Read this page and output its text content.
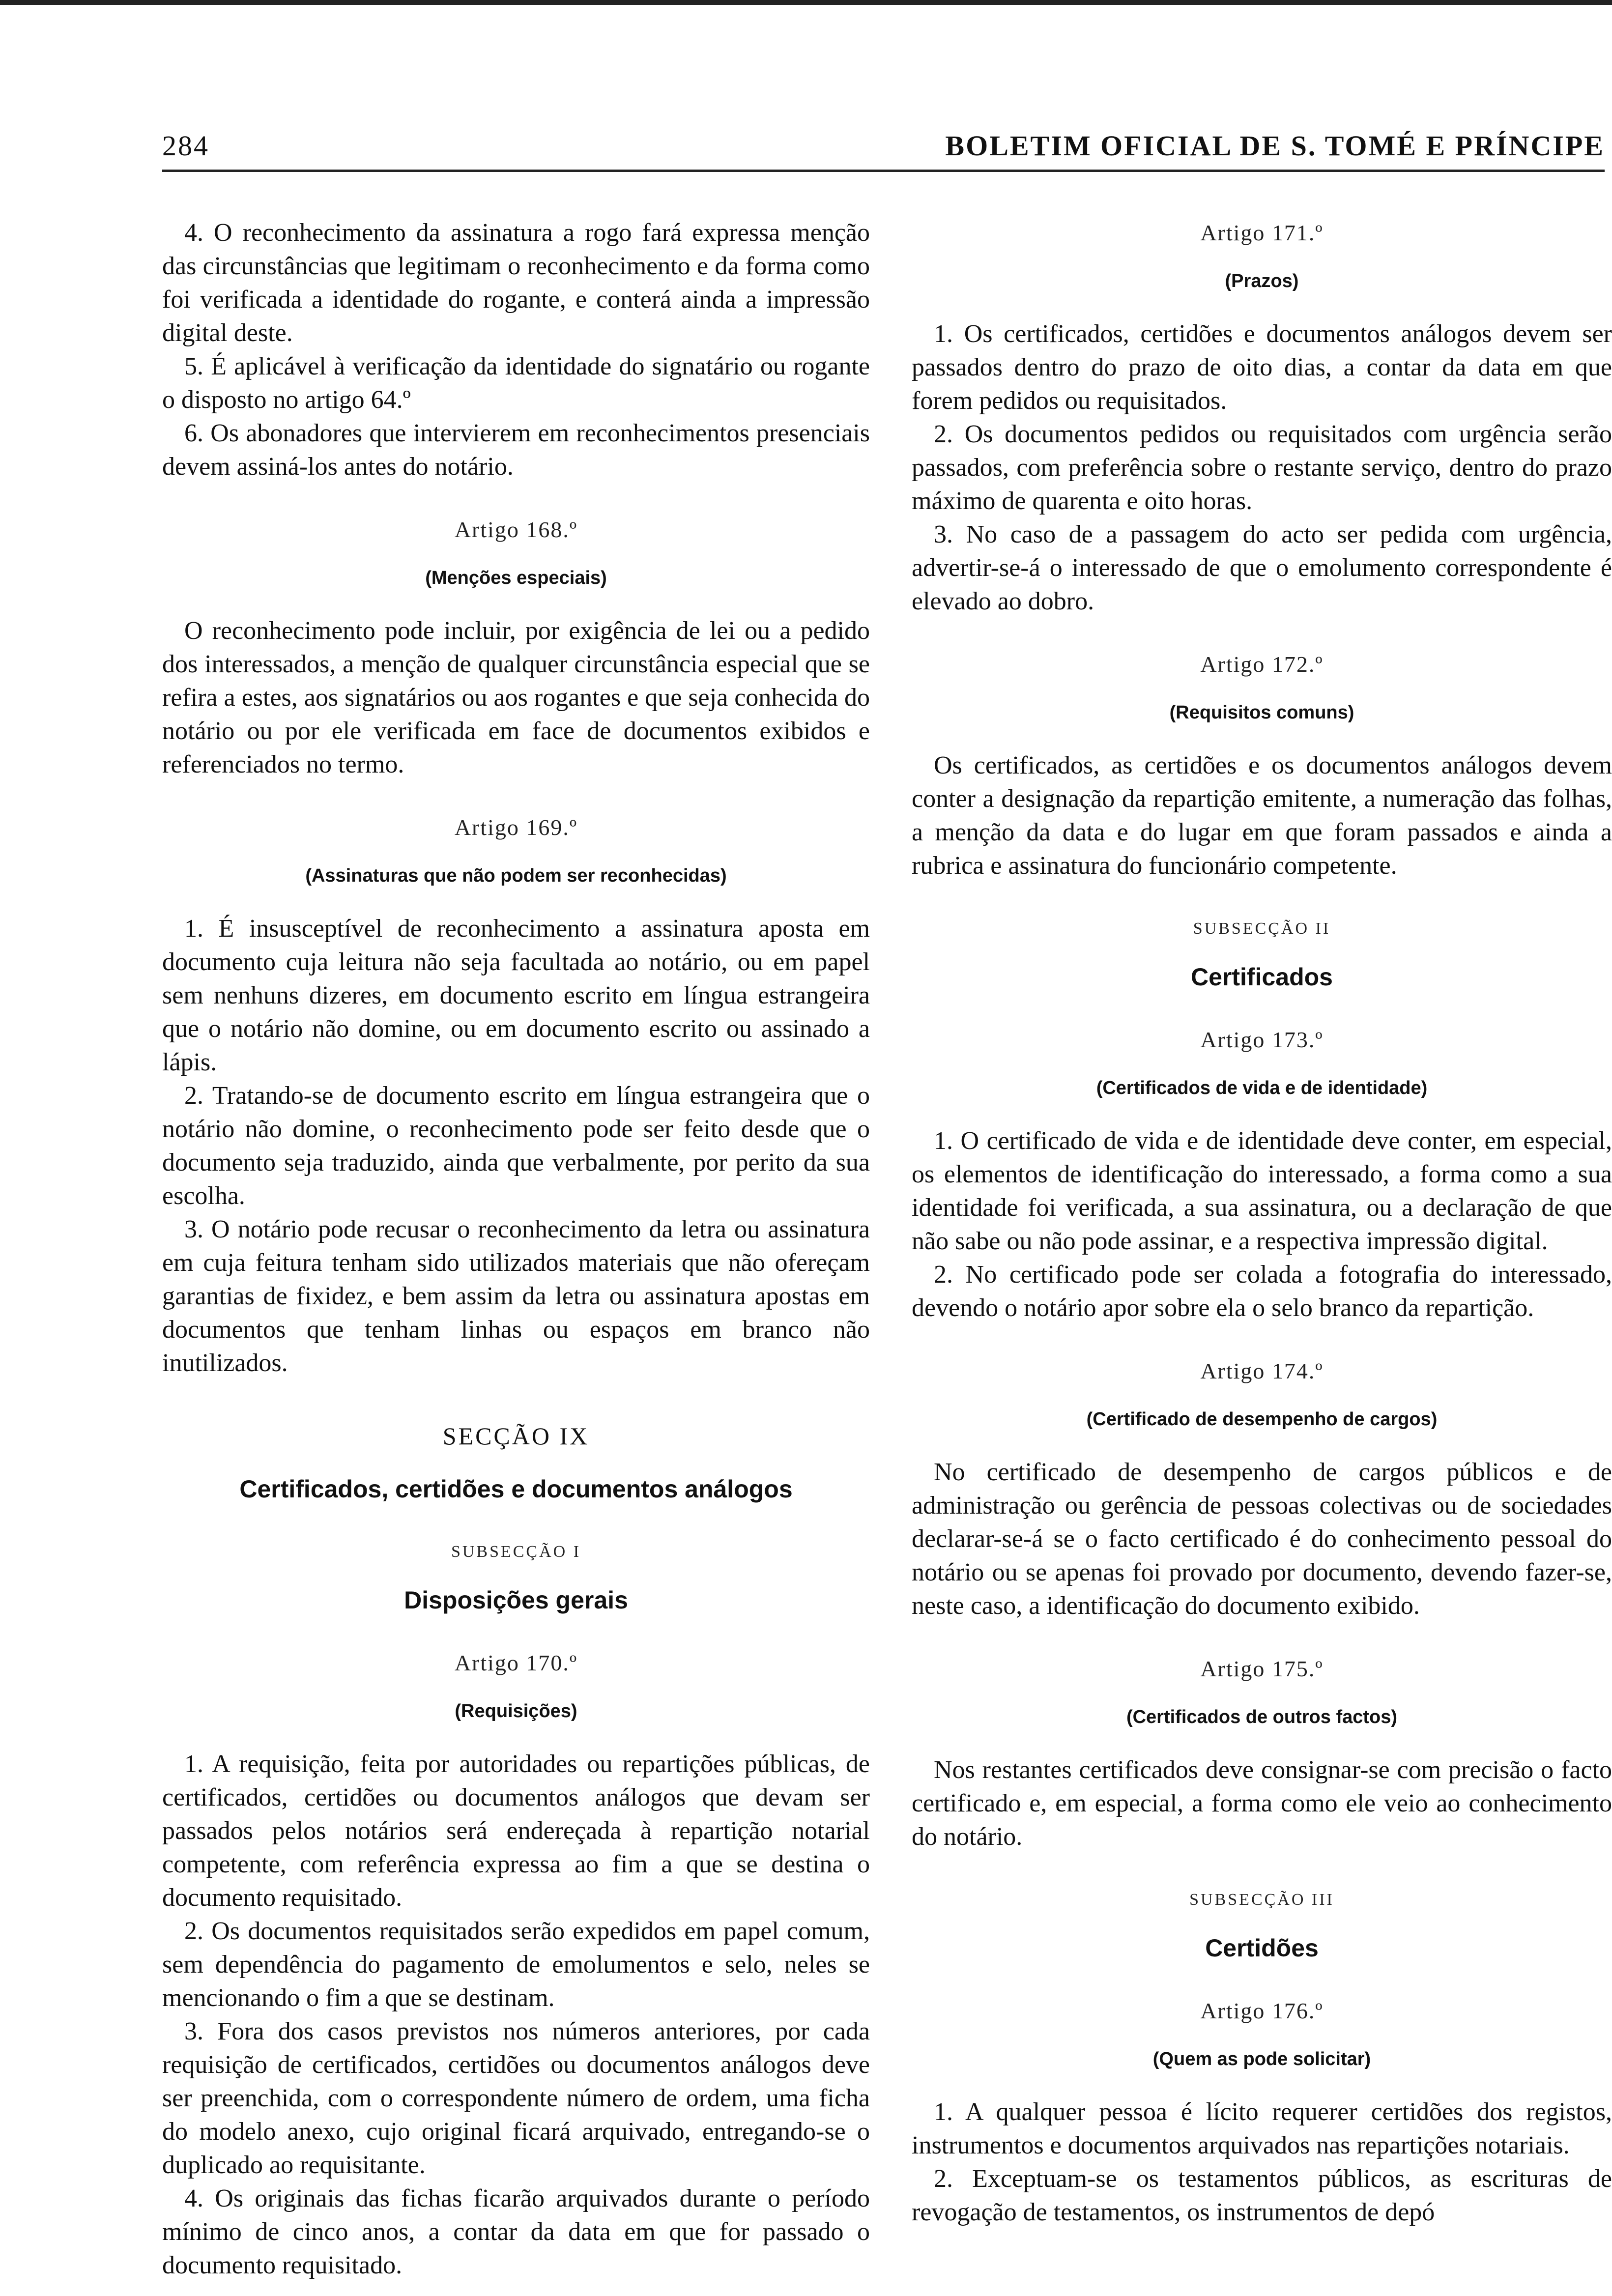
284	BOLETIM OFICIAL DE S. TOMÉ E PRÍNCIPE

4. O reconhecimento da assinatura a rogo fará expressa menção das circunstâncias que legitimam o reconhecimento e da forma como foi verificada a identidade do rogante, e conterá ainda a impressão digital deste.

5. É aplicável à verificação da identidade do signatário ou rogante o disposto no artigo 64.º

6. Os abonadores que intervierem em reconhecimentos presenciais devem assiná-los antes do notário.

Artigo 168.º
(Menções especiais)

O reconhecimento pode incluir, por exigência de lei ou a pedido dos interessados, a menção de qualquer circunstância especial que se refira a estes, aos signatários ou aos rogantes e que seja conhecida do notário ou por ele verificada em face de documentos exibidos e referenciados no termo.

Artigo 169.º
(Assinaturas que não podem ser reconhecidas)

1. É insusceptível de reconhecimento a assinatura aposta em documento cuja leitura não seja facultada ao notário, ou em papel sem nenhuns dizeres, em documento escrito em língua estrangeira que o notário não domine, ou em documento escrito ou assinado a lápis.

2. Tratando-se de documento escrito em língua estrangeira que o notário não domine, o reconhecimento pode ser feito desde que o documento seja traduzido, ainda que verbalmente, por perito da sua escolha.

3. O notário pode recusar o reconhecimento da letra ou assinatura em cuja feitura tenham sido utilizados materiais que não ofereçam garantias de fixidez, e bem assim da letra ou assinatura apostas em documentos que tenham linhas ou espaços em branco não inutilizados.

SECÇÃO IX
Certificados, certidões e documentos análogos
SUBSECÇÃO I
Disposições gerais
Artigo 170.º
(Requisições)

1. A requisição, feita por autoridades ou repartições públicas, de certificados, certidões ou documentos análogos que devam ser passados pelos notários será endereçada à repartição notarial competente, com referência expressa ao fim a que se destina o documento requisitado.

2. Os documentos requisitados serão expedidos em papel comum, sem dependência do pagamento de emolumentos e selo, neles se mencionando o fim a que se destinam.

3. Fora dos casos previstos nos números anteriores, por cada requisição de certificados, certidões ou documentos análogos deve ser preenchida, com o correspondente número de ordem, uma ficha do modelo anexo, cujo original ficará arquivado, entregando-se o duplicado ao requisitante.

4. Os originais das fichas ficarão arquivados durante o período mínimo de cinco anos, a contar da data em que for passado o documento requisitado.

Artigo 171.º
(Prazos)

1. Os certificados, certidões e documentos análogos devem ser passados dentro do prazo de oito dias, a contar da data em que forem pedidos ou requisitados.

2. Os documentos pedidos ou requisitados com urgência serão passados, com preferência sobre o restante serviço, dentro do prazo máximo de quarenta e oito horas.

3. No caso de a passagem do acto ser pedida com urgência, advertir-se-á o interessado de que o emolumento correspondente é elevado ao dobro.

Artigo 172.º
(Requisitos comuns)

Os certificados, as certidões e os documentos análogos devem conter a designação da repartição emitente, a numeração das folhas, a menção da data e do lugar em que foram passados e ainda a rubrica e assinatura do funcionário competente.

SUBSECÇÃO II
Certificados
Artigo 173.º
(Certificados de vida e de identidade)

1. O certificado de vida e de identidade deve conter, em especial, os elementos de identificação do interessado, a forma como a sua identidade foi verificada, a sua assinatura, ou a declaração de que não sabe ou não pode assinar, e a respectiva impressão digital.

2. No certificado pode ser colada a fotografia do interessado, devendo o notário apor sobre ela o selo branco da repartição.

Artigo 174.º
(Certificado de desempenho de cargos)

No certificado de desempenho de cargos públicos e de administração ou gerência de pessoas colectivas ou de sociedades declarar-se-á se o facto certificado é do conhecimento pessoal do notário ou se apenas foi provado por documento, devendo fazer-se, neste caso, a identificação do documento exibido.

Artigo 175.º
(Certificados de outros factos)

Nos restantes certificados deve consignar-se com precisão o facto certificado e, em especial, a forma como ele veio ao conhecimento do notário.

SUBSECÇÃO III
Certidões
Artigo 176.º
(Quem as pode solicitar)

1. A qualquer pessoa é lícito requerer certidões dos registos, instrumentos e documentos arquivados nas repartições notariais.

2. Exceptuam-se os testamentos públicos, as escrituras de revogação de testamentos, os instrumentos de depó
